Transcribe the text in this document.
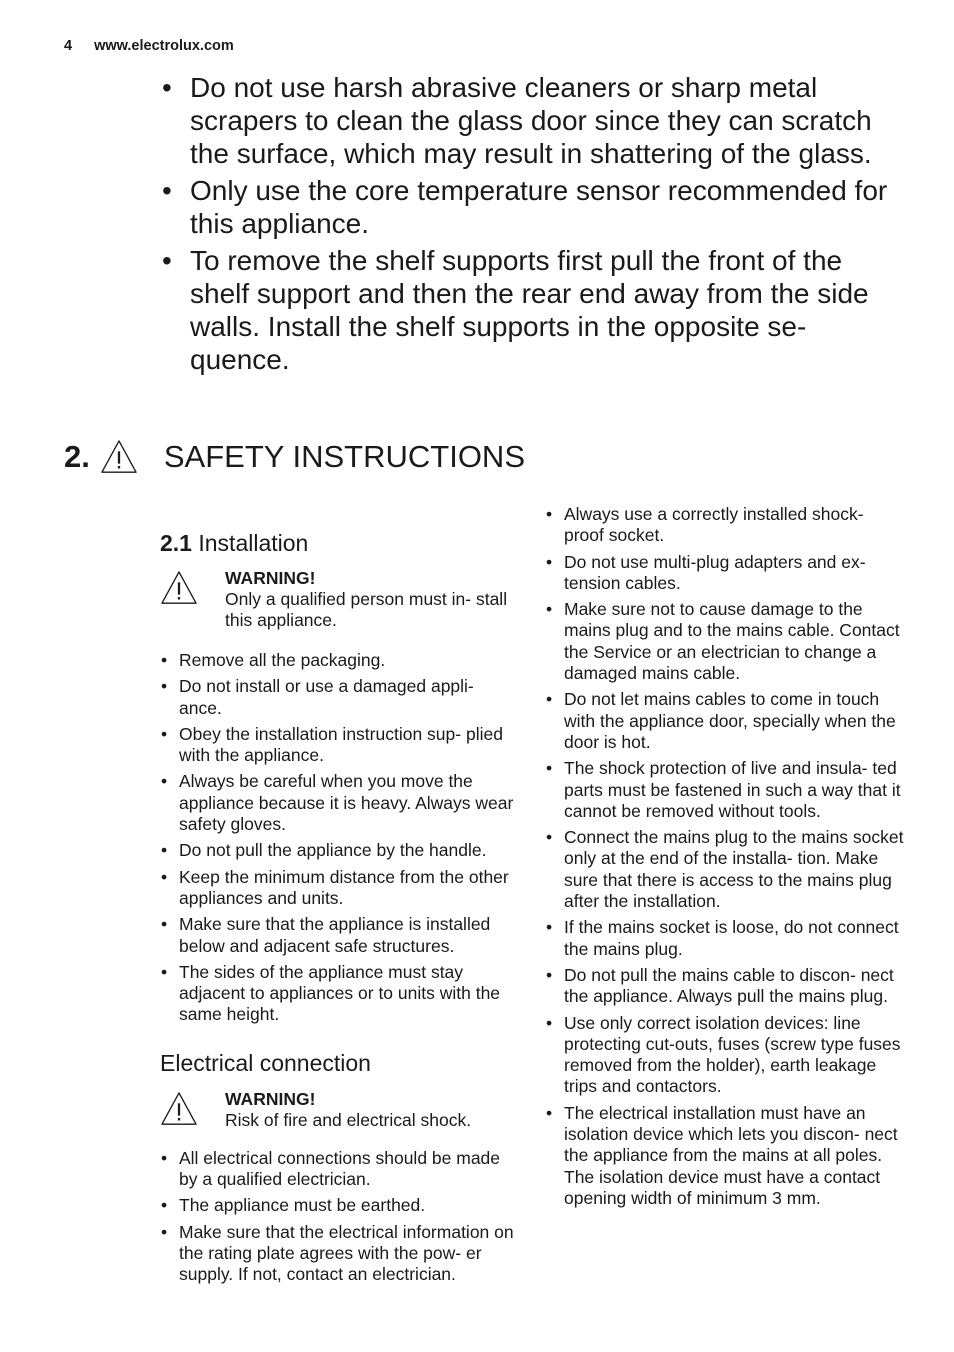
4 www.electrolux.com
• Do not use harsh abrasive cleaners or sharp metal scrapers to clean the glass door since they can scratch the surface, which may result in shattering of the glass.
• Only use the core temperature sensor recommended for this appliance.
• To remove the shelf supports first pull the front of the shelf support and then the rear end away from the side walls. Install the shelf supports in the opposite se- quence.
2. SAFETY INSTRUCTIONS
2.1 Installation
WARNING!
Only a qualified person must in- stall this appliance.
• Remove all the packaging.
• Do not install or use a damaged appli- ance.
• Obey the installation instruction sup- plied with the appliance.
• Always be careful when you move the appliance because it is heavy. Always wear safety gloves.
• Do not pull the appliance by the handle.
• Keep the minimum distance from the other appliances and units.
• Make sure that the appliance is installed below and adjacent safe structures.
• The sides of the appliance must stay adjacent to appliances or to units with the same height.
Electrical connection
WARNING!
Risk of fire and electrical shock.
• All electrical connections should be made by a qualified electrician.
• The appliance must be earthed.
• Make sure that the electrical information on the rating plate agrees with the pow- er supply. If not, contact an electrician.
• Always use a correctly installed shock- proof socket.
• Do not use multi-plug adapters and ex- tension cables.
• Make sure not to cause damage to the mains plug and to the mains cable. Contact the Service or an electrician to change a damaged mains cable.
• Do not let mains cables to come in touch with the appliance door, specially when the door is hot.
• The shock protection of live and insula- ted parts must be fastened in such a way that it cannot be removed without tools.
• Connect the mains plug to the mains socket only at the end of the installa- tion. Make sure that there is access to the mains plug after the installation.
• If the mains socket is loose, do not connect the mains plug.
• Do not pull the mains cable to discon- nect the appliance. Always pull the mains plug.
• Use only correct isolation devices: line protecting cut-outs, fuses (screw type fuses removed from the holder), earth leakage trips and contactors.
• The electrical installation must have an isolation device which lets you discon- nect the appliance from the mains at all poles. The isolation device must have a contact opening width of minimum 3 mm.
